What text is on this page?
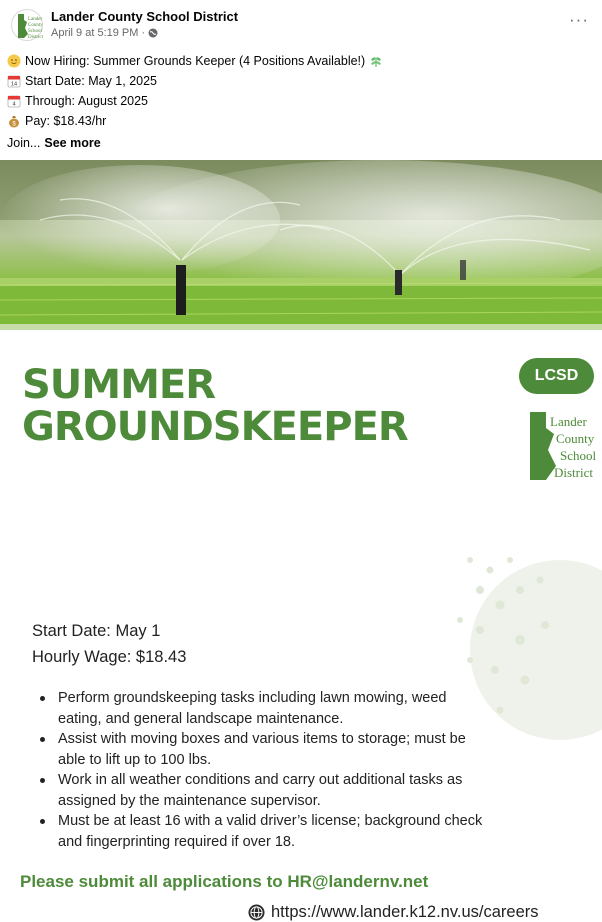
Lander
County
School
District
Lander County School District
April 9 at 5:19 PM ·
···
Now Hiring: Summer Grounds Keeper (4 Positions Available!)
14 Start Date: May 1, 2025
4 Through: August 2025
$ Pay: $18.43/hr
Join... See more
SUMMER
GROUNDSKEEPER
Start Date: May 1
Hourly Wage: $18.43
Perform groundskeeping tasks including lawn mowing, weed eating, and general landscape maintenance.
Assist with moving boxes and various items to storage; must be able to lift up to 100 lbs.
Work in all weather conditions and carry out additional tasks as assigned by the maintenance supervisor.
Must be at least 16 with a valid driver’s license; background check and fingerprinting required if over 18.
Please submit all applications to HR@landernv.net
https://www.lander.k12.nv.us/careers
LCSD
Lander
County
School
District
